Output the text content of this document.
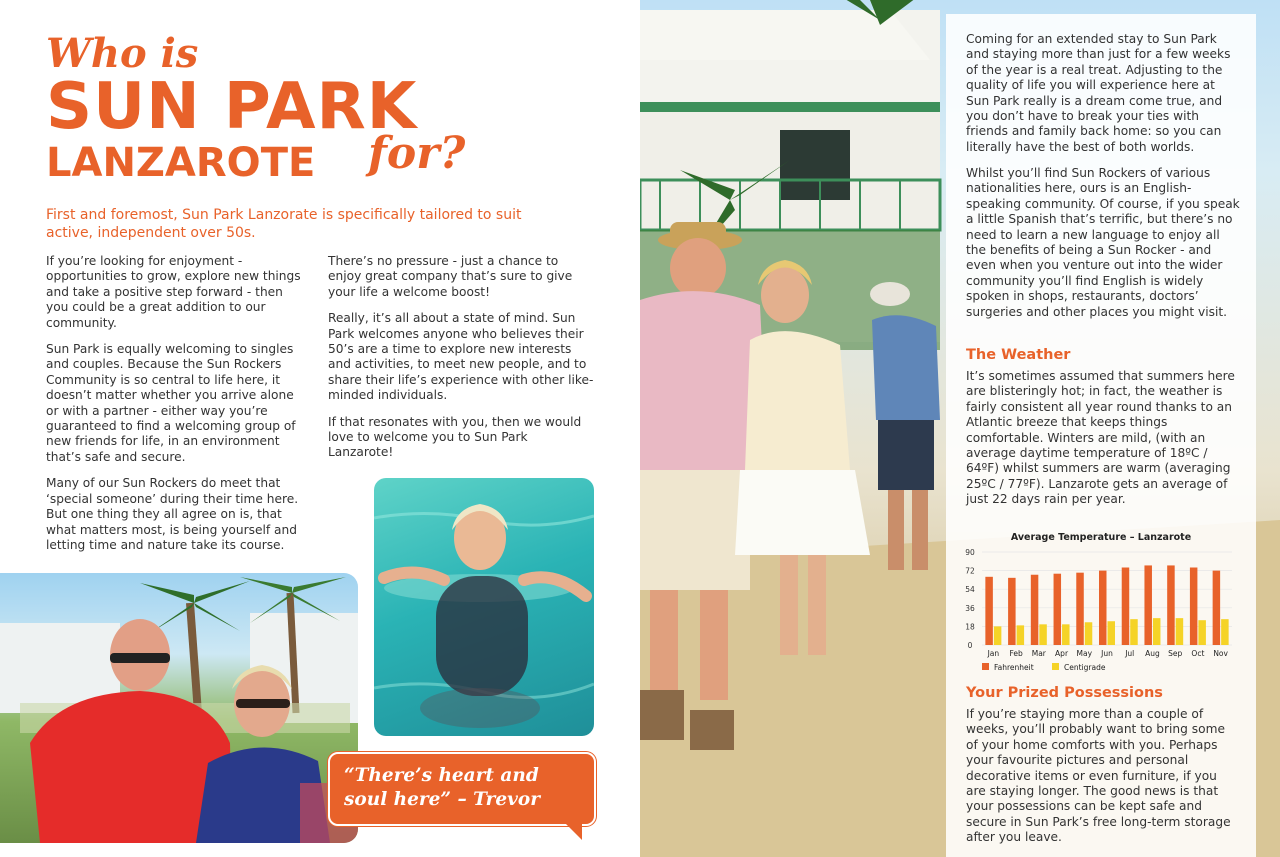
Who is
SUN PARK
LANZAROTE for?
First and foremost, Sun Park Lanzorate is specifically tailored to suit active, independent over 50s.

If you’re looking for enjoyment - opportunities to grow, explore new things and take a positive step forward - then you could be a great addition to our community.

Sun Park is equally welcoming to singles and couples. Because the Sun Rockers Community is so central to life here, it doesn’t matter whether you arrive alone or with a partner - either way you’re guaranteed to find a welcoming group of new friends for life, in an environment that’s safe and secure.

Many of our Sun Rockers do meet that ‘special someone’ during their time here. But one thing they all agree on is, that what matters most, is being yourself and letting time and nature take its course.

There’s no pressure - just a chance to enjoy great company that’s sure to give your life a welcome boost!

Really, it’s all about a state of mind. Sun Park welcomes anyone who believes their 50’s are a time to explore new interests and activities, to meet new people, and to share their life’s experience with other like-minded individuals.

If that resonates with you, then we would love to welcome you to Sun Park Lanzarote!

“There’s heart and
soul here” – Trevor
Coming for an extended stay to Sun Park and staying more than just for a few weeks of the year is a real treat. Adjusting to the quality of life you will experience here at Sun Park really is a dream come true, and you don’t have to break your ties with friends and family back home: so you can literally have the best of both worlds.
Whilst you’ll find Sun Rockers of various nationalities here, ours is an English-speaking community. Of course, if you speak a little Spanish that’s terrific, but there’s no need to learn a new language to enjoy all the benefits of being a Sun Rocker - and even when you venture out into the wider community you’ll find English is widely spoken in shops, restaurants, doctors’ surgeries and other places you might visit.
The Weather
It’s sometimes assumed that summers here are blisteringly hot; in fact, the weather is fairly consistent all year round thanks to an Atlantic breeze that keeps things comfortable. Winters are mild, (with an average daytime temperature of 18ºC / 64ºF) whilst summers are warm (averaging 25ºC / 77ºF). Lanzarote gets an average of just 22 days rain per year.
Average Temperature – Lanzarote
0
18
36
54
72
90
Jan Feb Mar Apr May Jun Jul Aug Sep Oct Nov
Fahrenheit	Centigrade
Your Prized Possessions
If you’re staying more than a couple of weeks, you’ll probably want to bring some of your home comforts with you. Perhaps your favourite pictures and personal decorative items or even furniture, if you are staying longer. The good news is that your possessions can be kept safe and secure in Sun Park’s free long-term storage after you leave.
